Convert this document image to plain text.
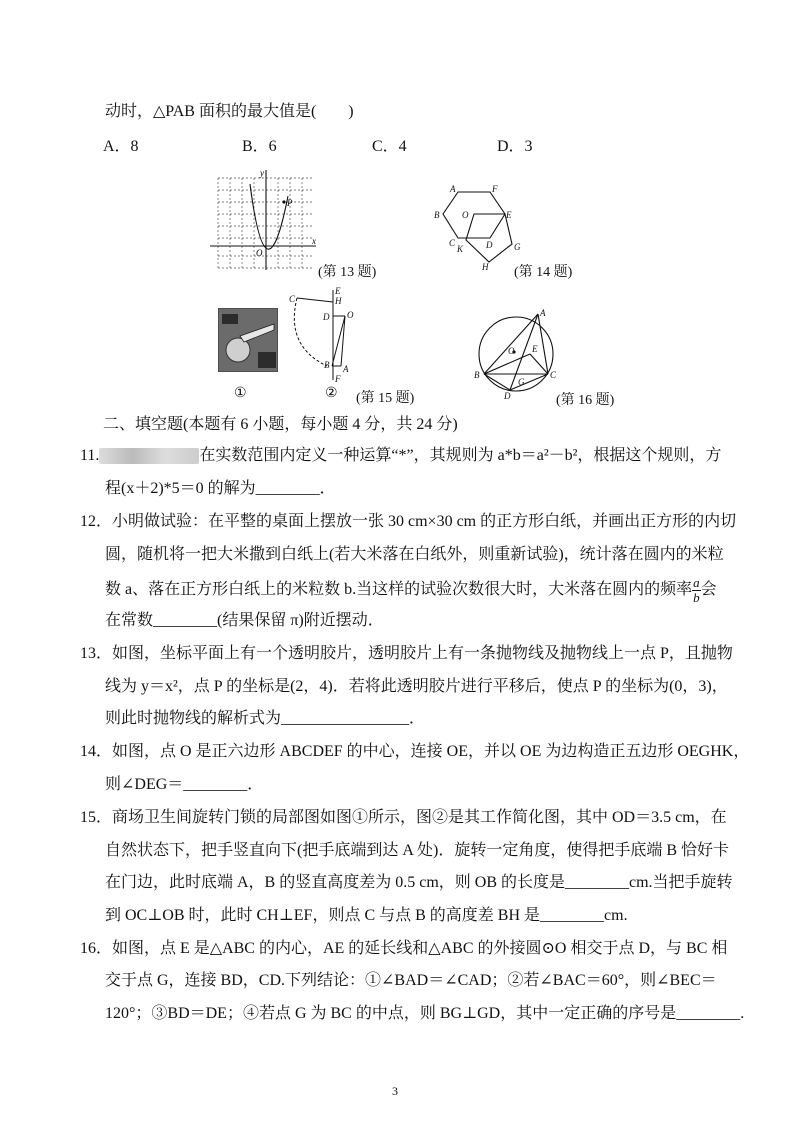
动时，△PAB 面积的最大值是(　　)
A．8	B．6	C．4	D．3
y
x
O
P
(第 13 题)
A	F
B	O	E
C
K	D G
H (第 14 题)
①
C
E
H
D O
B A
F
② (第 15 题)
A
O E
B
G
C
D	(第 16 题)
二、填空题(本题有 6 小题，每小题 4 分，共 24 分)
11.	在实数范围内定义一种运算“*”，其规则为 a*b＝a²－b²，根据这个规则，方
程(x＋2)*5＝0 的解为________．
12．小明做试验：在平整的桌面上摆放一张 30 cm×30 cm 的正方形白纸，并画出正方形的内切
圆，随机将一把大米撒到白纸上(若大米落在白纸外，则重新试验)，统计落在圆内的米粒
数 a、落在正方形白纸上的米粒数 b.当这样的试验次数很大时，大米落在圆内的频率 $\frac{a}{b}$ 会
在常数________(结果保留 π)附近摆动．
13．如图，坐标平面上有一个透明胶片，透明胶片上有一条抛物线及抛物线上一点 P，且抛物
线为 y＝x²，点 P 的坐标是(2，4)．若将此透明胶片进行平移后，使点 P 的坐标为(0，3)，
则此时抛物线的解析式为________________．
14．如图，点 O 是正六边形 ABCDEF 的中心，连接 OE，并以 OE 为边构造正五边形 OEGHK，
则∠DEG＝________．
15．商场卫生间旋转门锁的局部图如图①所示，图②是其工作简化图，其中 OD＝3.5 cm，在
自然状态下，把手竖直向下(把手底端到达 A 处)．旋转一定角度，使得把手底端 B 恰好卡
在门边，此时底端 A，B 的竖直高度差为 0.5 cm，则 OB 的长度是________cm.当把手旋转
到 OC⊥OB 时，此时 CH⊥EF，则点 C 与点 B 的高度差 BH 是________cm.
16．如图，点 E 是△ABC 的内心，AE 的延长线和△ABC 的外接圆⊙O 相交于点 D，与 BC 相
交于点 G，连接 BD，CD.下列结论：①∠BAD＝∠CAD；②若∠BAC＝60°，则∠BEC＝
120°；③BD＝DE；④若点 G 为 BC 的中点，则 BG⊥GD，其中一定正确的序号是________.
3
